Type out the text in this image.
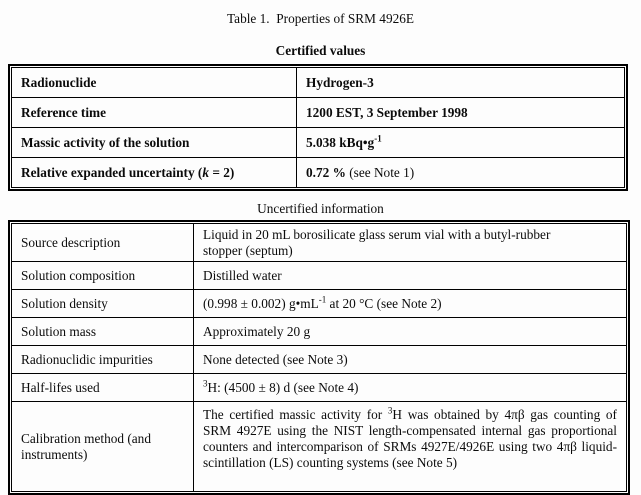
Table 1.  Properties of SRM 4926E
Certified values
Radionuclide	Hydrogen-3
Reference time	1200 EST, 3 September 1998
Massic activity of the solution	5.038 $kBq•g^{-1}$
Relative expanded uncertainty (k = 2)	0.72 % (see Note 1)
Uncertified information
Source description	Liquid in 20 mL borosilicate glass serum vial with a butyl-rubber
stopper (septum)
Solution composition	Distilled water
Solution density	(0.998 ± 0.002) $g•mL^{-1}$ at 20 °C (see Note 2)
Solution mass	Approximately 20 g
Radionuclidic impurities	None detected (see Note 3)
Half-lifes used	$^3$H: (4500 ± 8) d (see Note 4)
Calibration method (and
instruments)	The certified massic activity for $^3$H was obtained by 4πβ gas counting of SRM 4927E using the NIST length-compensated internal gas proportional counters and intercomparison of SRMs 4927E/4926E using two 4πβ liquid-scintillation (LS) counting systems (see Note 5)
